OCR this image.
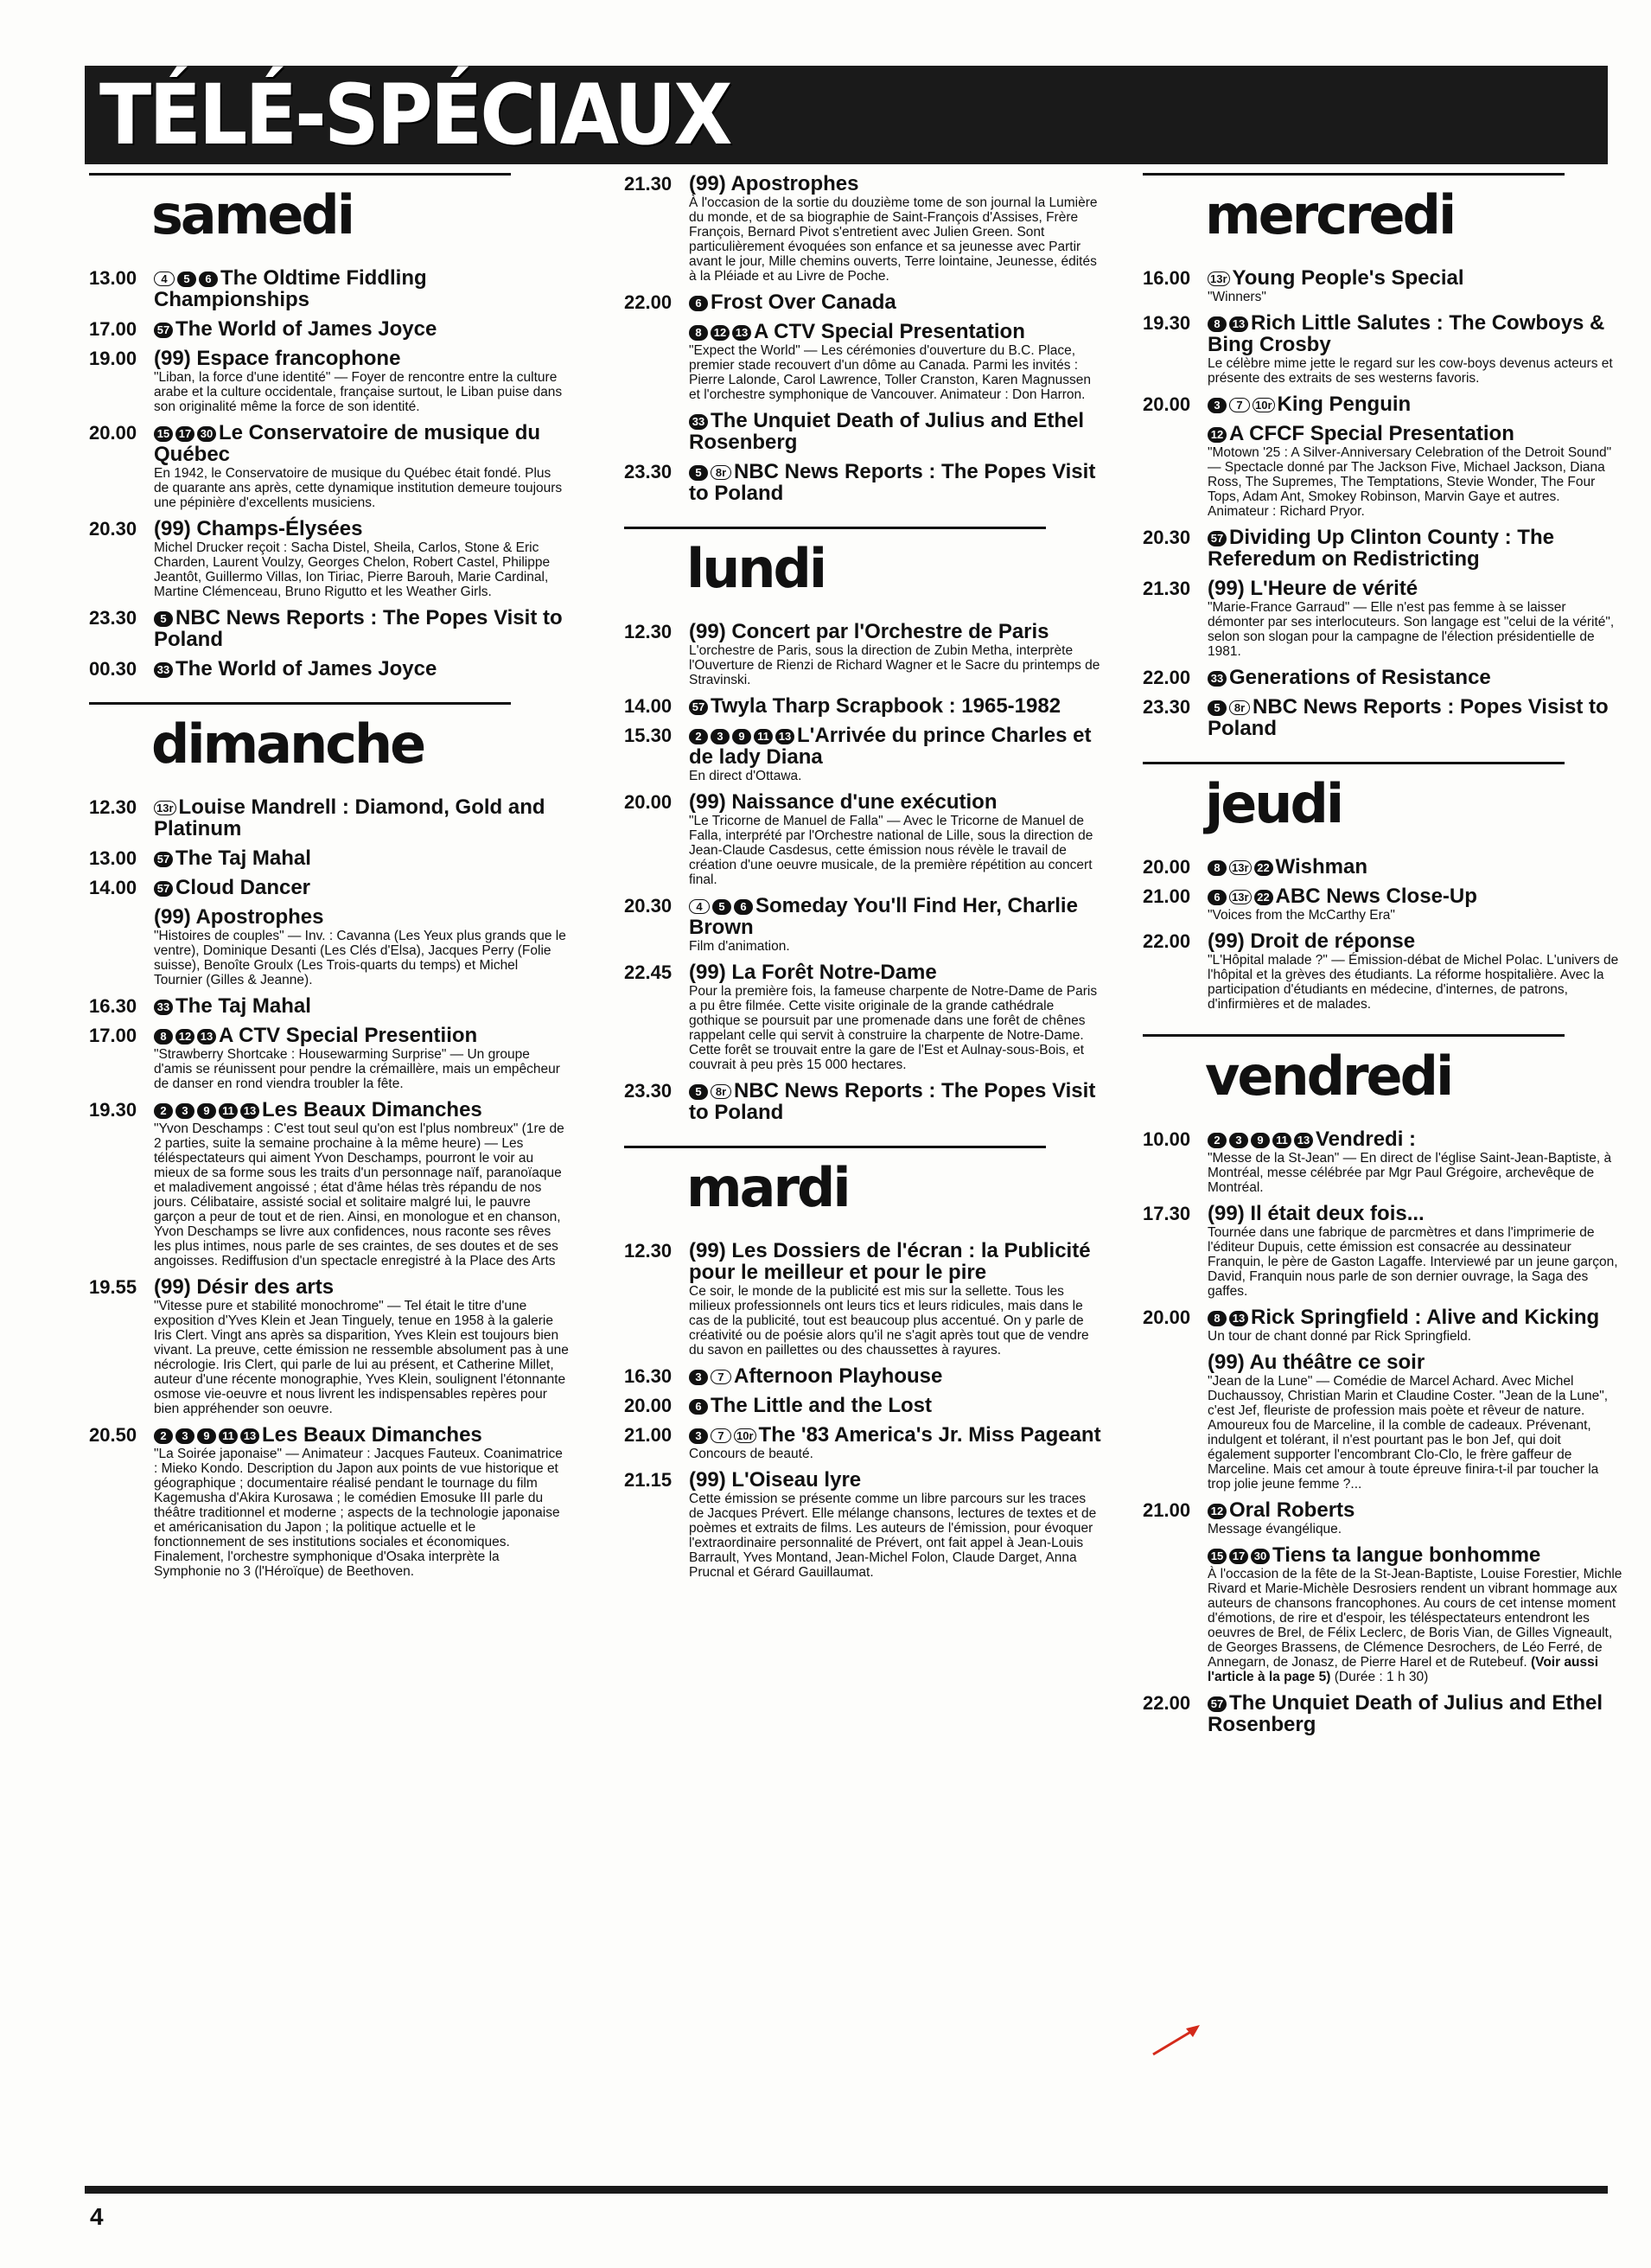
TÉLÉ-SPÉCIAUX
samedi
13.00	4 5 6 The Oldtime Fiddling Championships
17.00	57 The World of James Joyce
19.00 (99) Espace francophone
"Liban, la force d'une identité" — Foyer de rencontre entre la culture arabe et la culture occidentale, française surtout, le Liban puise dans son originalité même la force de son identité.
20.00	15 17 30 Le Conservatoire de musique du Québec
En 1942, le Conservatoire de musique du Québec était fondé. Plus de quarante ans après, cette dynamique institution demeure toujours une pépinière d'excellents musiciens.
20.30 (99) Champs-Élysées
Michel Drucker reçoit : Sacha Distel, Sheila, Carlos, Stone & Eric Charden, Laurent Voulzy, Georges Chelon, Robert Castel, Philippe Jeantôt, Guillermo Villas, Ion Tiriac, Pierre Barouh, Marie Cardinal, Martine Clémenceau, Bruno Rigutto et les Weather Girls.
23.30	5 NBC News Reports : The Popes Visit to Poland
00.30	33 The World of James Joyce
dimanche
12.30	13r Louise Mandrell : Diamond, Gold and Platinum
13.00	57 The Taj Mahal
14.00	57 Cloud Dancer
(99) Apostrophes
"Histoires de couples" — Inv. : Cavanna (Les Yeux plus grands que le ventre), Dominique Desanti (Les Clés d'Elsa), Jacques Perry (Folie suisse), Benoîte Groulx (Les Trois-quarts du temps) et Michel Tournier (Gilles & Jeanne).
16.30	33 The Taj Mahal
17.00	8 12 13 A CTV Special Presentiion
"Strawberry Shortcake : Housewarming Surprise" — Un groupe d'amis se réunissent pour pendre la crémaillère, mais un empêcheur de danser en rond viendra troubler la fête.
19.30	2 3 9 11 13 Les Beaux Dimanches
"Yvon Deschamps : C'est tout seul qu'on est l'plus nombreux" (1re de 2 parties, suite la semaine prochaine à la même heure) — Les téléspectateurs qui aiment Yvon Deschamps, pourront le voir au mieux de sa forme sous les traits d'un personnage naïf, paranoïaque et maladivement angoissé ; état d'âme hélas très répandu de nos jours. Célibataire, assisté social et solitaire malgré lui, le pauvre garçon a peur de tout et de rien. Ainsi, en monologue et en chanson, Yvon Deschamps se livre aux confidences, nous raconte ses rêves les plus intimes, nous parle de ses craintes, de ses doutes et de ses angoisses. Rediffusion d'un spectacle enregistré à la Place des Arts
19.55 (99) Désir des arts
"Vitesse pure et stabilité monochrome" — Tel était le titre d'une exposition d'Yves Klein et Jean Tinguely, tenue en 1958 à la galerie Iris Clert. Vingt ans après sa disparition, Yves Klein est toujours bien vivant. La preuve, cette émission ne ressemble absolument pas à une nécrologie. Iris Clert, qui parle de lui au présent, et Catherine Millet, auteur d'une récente monographie, Yves Klein, soulignent l'étonnante osmose vie-oeuvre et nous livrent les indispensables repères pour bien appréhender son oeuvre.
20.50	2 3 9 11 13 Les Beaux Dimanches
"La Soirée japonaise" — Animateur : Jacques Fauteux. Coanimatrice : Mieko Kondo. Description du Japon aux points de vue historique et géographique ; documentaire réalisé pendant le tournage du film Kagemusha d'Akira Kurosawa ; le comédien Emosuke III parle du théâtre traditionnel et moderne ; aspects de la technologie japonaise et américanisation du Japon ; la politique actuelle et le fonctionnement de ses institutions sociales et économiques. Finalement, l'orchestre symphonique d'Osaka interprète la Symphonie no 3 (l'Héroïque) de Beethoven.
21.30 (99) Apostrophes
À l'occasion de la sortie du douzième tome de son journal la Lumière du monde, et de sa biographie de Saint-François d'Assises, Frère François, Bernard Pivot s'entretient avec Julien Green. Sont particulièrement évoquées son enfance et sa jeunesse avec Partir avant le jour, Mille chemins ouverts, Terre lointaine, Jeunesse, édités à la Pléiade et au Livre de Poche.
22.00	6 Frost Over Canada
8 12 13 A CTV Special Presentation
"Expect the World" — Les cérémonies d'ouverture du B.C. Place, premier stade recouvert d'un dôme au Canada. Parmi les invités : Pierre Lalonde, Carol Lawrence, Toller Cranston, Karen Magnussen et l'orchestre symphonique de Vancouver. Animateur : Don Harron.
33 The Unquiet Death of Julius and Ethel Rosenberg
23.30	5 8r NBC News Reports : The Popes Visit to Poland
lundi
12.30 (99) Concert par l'Orchestre de Paris
L'orchestre de Paris, sous la direction de Zubin Metha, interprète l'Ouverture de Rienzi de Richard Wagner et le Sacre du printemps de Stravinski.
14.00	57 Twyla Tharp Scrapbook : 1965-1982
15.30	2 3 9 11 13 L'Arrivée du prince Charles et de lady Diana
En direct d'Ottawa.
20.00 (99) Naissance d'une exécution
"Le Tricorne de Manuel de Falla" — Avec le Tricorne de Manuel de Falla, interprété par l'Orchestre national de Lille, sous la direction de Jean-Claude Casdesus, cette émission nous révèle le travail de création d'une oeuvre musicale, de la première répétition au concert final.
20.30	4 5 6 Someday You'll Find Her, Charlie Brown
Film d'animation.
22.45 (99) La Forêt Notre-Dame
Pour la première fois, la fameuse charpente de Notre-Dame de Paris a pu être filmée. Cette visite originale de la grande cathédrale gothique se poursuit par une promenade dans une forêt de chênes rappelant celle qui servit à construire la charpente de Notre-Dame. Cette forêt se trouvait entre la gare de l'Est et Aulnay-sous-Bois, et couvrait à peu près 15 000 hectares.
23.30	5 8r NBC News Reports : The Popes Visit to Poland
mardi
12.30 (99) Les Dossiers de l'écran : la Publicité pour le meilleur et pour le pire
Ce soir, le monde de la publicité est mis sur la sellette. Tous les milieux professionnels ont leurs tics et leurs ridicules, mais dans le cas de la publicité, tout est beaucoup plus accentué. On y parle de créativité ou de poésie alors qu'il ne s'agit après tout que de vendre du savon en paillettes ou des chaussettes à rayures.
16.30	3 7 Afternoon Playhouse
20.00	6 The Little and the Lost
21.00	3 7 10r The '83 America's Jr. Miss Pageant
Concours de beauté.
21.15 (99) L'Oiseau lyre
Cette émission se présente comme un libre parcours sur les traces de Jacques Prévert. Elle mélange chansons, lectures de textes et de poèmes et extraits de films. Les auteurs de l'émission, pour évoquer l'extraordinaire personnalité de Prévert, ont fait appel à Jean-Louis Barrault, Yves Montand, Jean-Michel Folon, Claude Darget, Anna Prucnal et Gérard Gauillaumat.
mercredi
16.00	13r Young People's Special
"Winners"
19.30	8 13 Rich Little Salutes : The Cowboys & Bing Crosby
Le célèbre mime jette le regard sur les cow-boys devenus acteurs et présente des extraits de ses westerns favoris.
20.00	3 7 10r King Penguin
12 A CFCF Special Presentation
"Motown '25 : A Silver-Anniversary Celebration of the Detroit Sound" — Spectacle donné par The Jackson Five, Michael Jackson, Diana Ross, The Supremes, The Temptations, Stevie Wonder, The Four Tops, Adam Ant, Smokey Robinson, Marvin Gaye et autres. Animateur : Richard Pryor.
20.30	57 Dividing Up Clinton County : The Referedum on Redistricting
21.30 (99) L'Heure de vérité
"Marie-France Garraud" — Elle n'est pas femme à se laisser démonter par ses interlocuteurs. Son langage est "celui de la vérité", selon son slogan pour la campagne de l'élection présidentielle de 1981.
22.00	33 Generations of Resistance
23.30	5 8r NBC News Reports : Popes Visist to Poland
jeudi
20.00	8 13r 22 Wishman
21.00	6 13r 22 ABC News Close-Up
"Voices from the McCarthy Era"
22.00 (99) Droit de réponse
"L'Hôpital malade ?" — Émission-débat de Michel Polac. L'univers de l'hôpital et la grèves des étudiants. La réforme hospitalière. Avec la participation d'étudiants en médecine, d'internes, de patrons, d'infirmières et de malades.
vendredi
10.00	2 3 9 11 13 Vendredi :
"Messe de la St-Jean" — En direct de l'église Saint-Jean-Baptiste, à Montréal, messe célébrée par Mgr Paul Grégoire, archevêque de Montréal.
17.30 (99) Il était deux fois...
Tournée dans une fabrique de parcmètres et dans l'imprimerie de l'éditeur Dupuis, cette émission est consacrée au dessinateur Franquin, le père de Gaston Lagaffe. Interviewé par un jeune garçon, David, Franquin nous parle de son dernier ouvrage, la Saga des gaffes.
20.00	8 13 Rick Springfield : Alive and Kicking
Un tour de chant donné par Rick Springfield.
(99) Au théâtre ce soir
"Jean de la Lune" — Comédie de Marcel Achard. Avec Michel Duchaussoy, Christian Marin et Claudine Coster. "Jean de la Lune", c'est Jef, fleuriste de profession mais poète et rêveur de nature. Amoureux fou de Marceline, il la comble de cadeaux. Prévenant, indulgent et tolérant, il n'est pourtant pas le bon Jef, qui doit également supporter l'encombrant Clo-Clo, le frère gaffeur de Marceline. Mais cet amour à toute épreuve finira-t-il par toucher la trop jolie jeune femme ?...
21.00	12 Oral Roberts
Message évangélique.
15 17 30 Tiens ta langue bonhomme
À l'occasion de la fête de la St-Jean-Baptiste, Louise Forestier, Michle Rivard et Marie-Michèle Desrosiers rendent un vibrant hommage aux auteurs de chansons francophones. Au cours de cet intense moment d'émotions, de rire et d'espoir, les téléspectateurs entendront les oeuvres de Brel, de Félix Leclerc, de Boris Vian, de Gilles Vigneault, de Georges Brassens, de Clémence Desrochers, de Léo Ferré, de Annegarn, de Jonasz, de Pierre Harel et de Rutebeuf. (Voir aussi l'article à la page 5) (Durée : 1 h 30)
22.00	57 The Unquiet Death of Julius and Ethel Rosenberg
4
